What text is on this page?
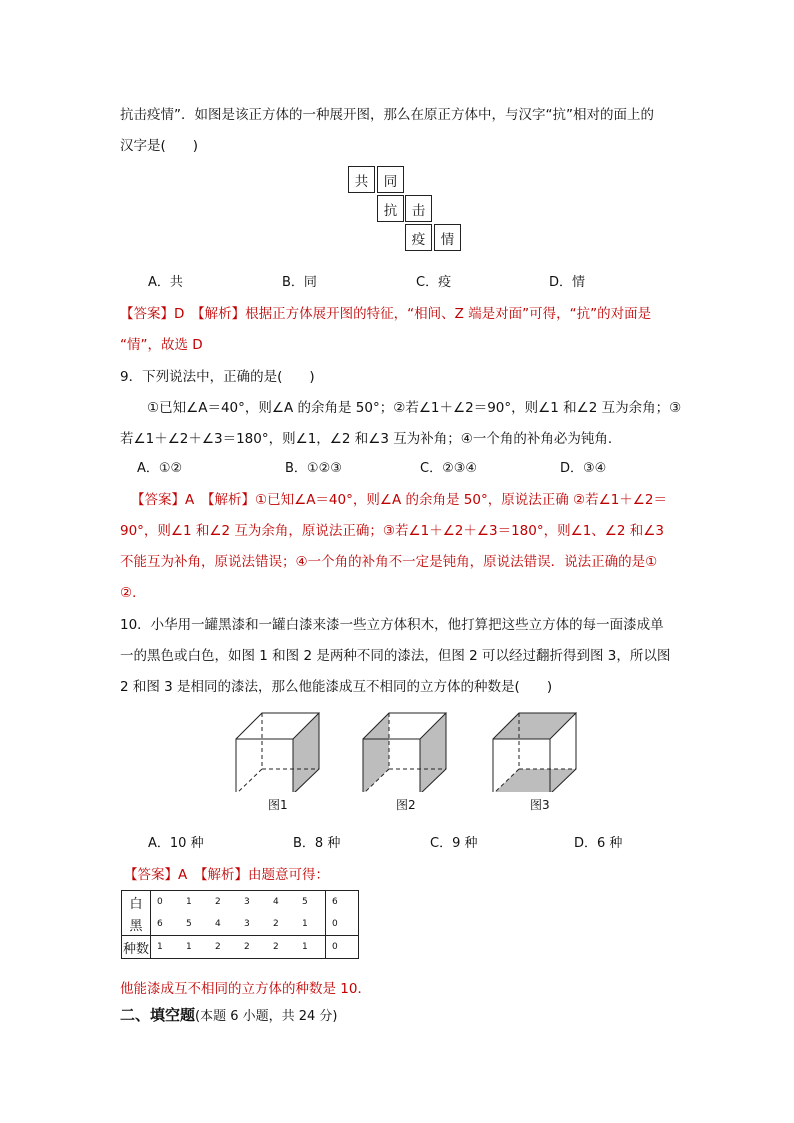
抗击疫情”．如图是该正方体的一种展开图，那么在原正方体中，与汉字“抗”相对的面上的
汉字是(　　)
共	同
抗	击
疫	情
A．共	B．同	C．疫	D．情
【答案】D　【解析】根据正方体展开图的特征，“相间、Z 端是对面”可得，“抗”的对面是
“情”，故选 D
9．下列说法中，正确的是(　　)
①已知∠A＝40°，则∠A 的余角是 50°；②若∠1＋∠2＝90°，则∠1 和∠2 互为余角；③
若∠1＋∠2＋∠3＝180°，则∠1，∠2 和∠3 互为补角；④一个角的补角必为钝角．
A．①②	B．①②③	C．②③④	D．③④
【答案】A　【解析】①已知∠A＝40°，则∠A 的余角是 50°，原说法正确 ②若∠1＋∠2＝
90°，则∠1 和∠2 互为余角，原说法正确；③若∠1＋∠2＋∠3＝180°，则∠1、∠2 和∠3
不能互为补角，原说法错误；④一个角的补角不一定是钝角，原说法错误．说法正确的是①
②．
10．小华用一罐黑漆和一罐白漆来漆一些立方体积木，他打算把这些立方体的每一面漆成单
一的黑色或白色，如图 1 和图 2 是两种不同的漆法，但图 2 可以经过翻折得到图 3，所以图
2 和图 3 是相同的漆法，那么他能漆成互不相同的立方体的种数是(　　)
图1	图2	图3
A．10 种	B．8 种	C．9 种	D．6 种
【答案】A　【解析】由题意可得：
白	0	1	2	3	4	5	6
黑	6	5	4	3	2	1	0
种数	1	1	2	2	2	1	0
他能漆成互不相同的立方体的种数是 10．
二、填空题(本题 6 小题，共 24 分)
